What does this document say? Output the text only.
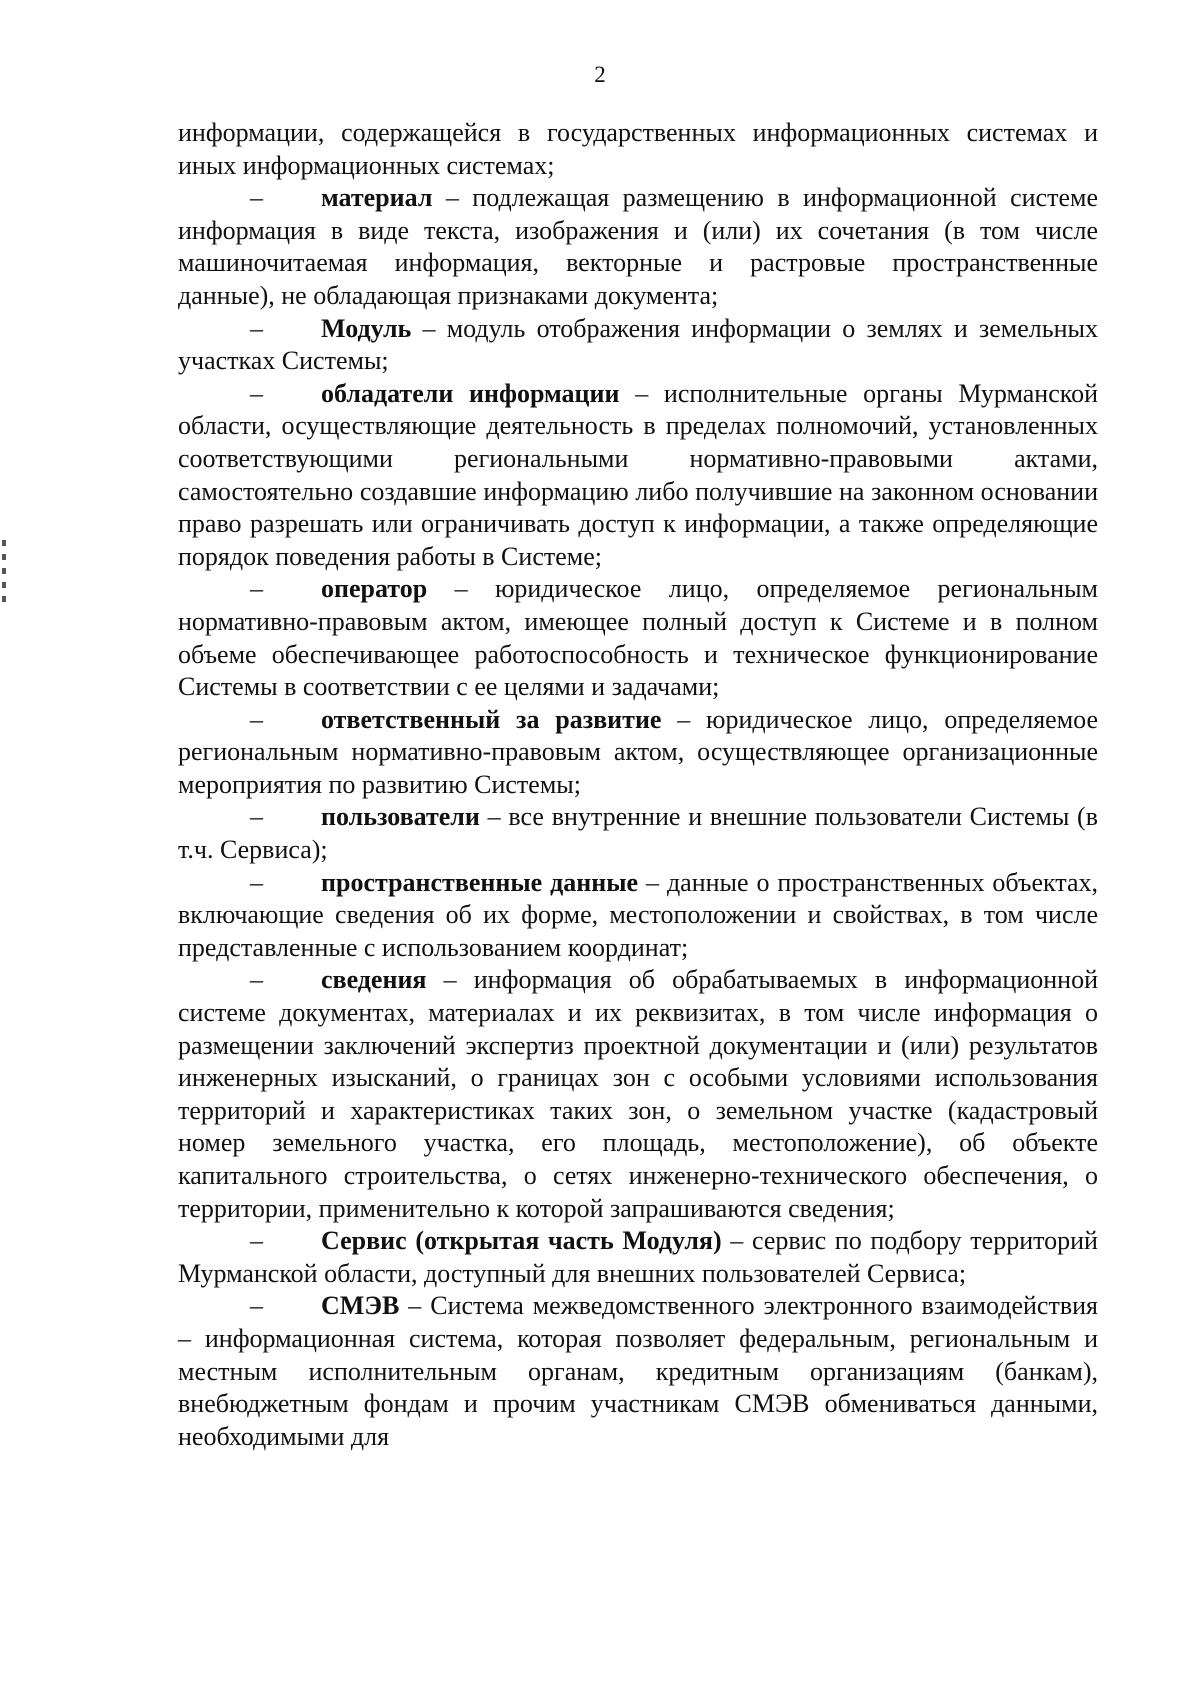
2

информации, содержащейся в государственных информационных системах и иных информационных системах;

– материал – подлежащая размещению в информационной системе информация в виде текста, изображения и (или) их сочетания (в том числе машиночитаемая информация, векторные и растровые пространственные данные), не обладающая признаками документа;

– Модуль – модуль отображения информации о землях и земельных участках Системы;

– обладатели информации – исполнительные органы Мурманской области, осуществляющие деятельность в пределах полномочий, установленных соответствующими региональными нормативно-правовыми актами, самостоятельно создавшие информацию либо получившие на законном основании право разрешать или ограничивать доступ к информации, а также определяющие порядок поведения работы в Системе;

– оператор – юридическое лицо, определяемое региональным нормативно-правовым актом, имеющее полный доступ к Системе и в полном объеме обеспечивающее работоспособность и техническое функционирование Системы в соответствии с ее целями и задачами;

– ответственный за развитие – юридическое лицо, определяемое региональным нормативно-правовым актом, осуществляющее организационные мероприятия по развитию Системы;

– пользователи – все внутренние и внешние пользователи Системы (в т.ч. Сервиса);

– пространственные данные – данные о пространственных объектах, включающие сведения об их форме, местоположении и свойствах, в том числе представленные с использованием координат;

– сведения – информация об обрабатываемых в информационной системе документах, материалах и их реквизитах, в том числе информация о размещении заключений экспертиз проектной документации и (или) результатов инженерных изысканий, о границах зон с особыми условиями использования территорий и характеристиках таких зон, о земельном участке (кадастровый номер земельного участка, его площадь, местоположение), об объекте капитального строительства, о сетях инженерно-технического обеспечения, о территории, применительно к которой запрашиваются сведения;

– Сервис (открытая часть Модуля) – сервис по подбору территорий Мурманской области, доступный для внешних пользователей Сервиса;

– СМЭВ – Система межведомственного электронного взаимодействия – информационная система, которая позволяет федеральным, региональным и местным исполнительным органам, кредитным организациям (банкам), внебюджетным фондам и прочим участникам СМЭВ обмениваться данными, необходимыми для
